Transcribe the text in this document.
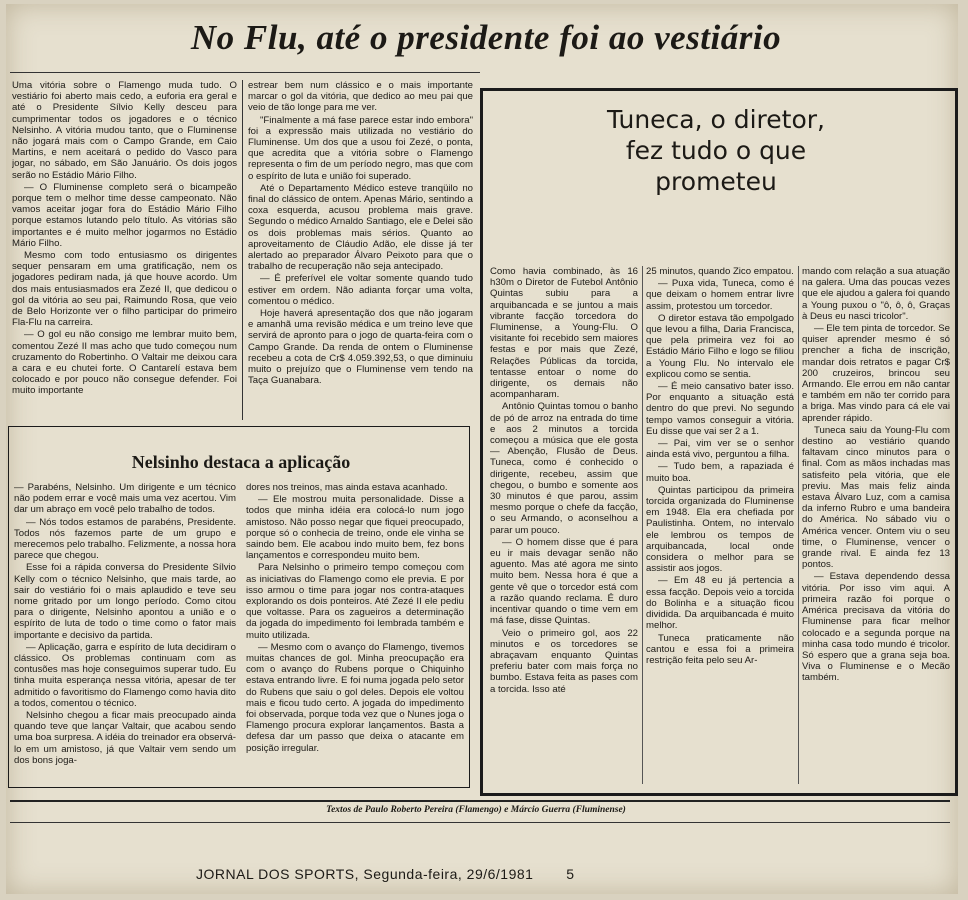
No Flu, até o presidente foi ao vestiário

Uma vitória sobre o Flamengo muda tudo. O vestiário foi aberto mais cedo, a euforia era geral e até o Presidente Sílvio Kelly desceu para cumprimentar todos os jogadores e o técnico Nelsinho. A vitória mudou tanto, que o Fluminense não jogará mais com o Campo Grande, em Caio Martins, e nem aceitará o pedido do Vasco para jogar, no sábado, em São Januário. Os dois jogos serão no Estádio Mário Filho.

— O Fluminense completo será o bicampeão porque tem o melhor time desse campeonato. Não vamos aceitar jogar fora do Estádio Mário Filho porque estamos lutando pelo título. As vitórias são importantes e é muito melhor jogarmos no Estádio Mário Filho.

Mesmo com todo entusiasmo os dirigentes sequer pensaram em uma gratificação, nem os jogadores pediram nada, já que houve acordo. Um dos mais entusiasmados era Zezé II, que dedicou o gol da vitória ao seu pai, Raimundo Rosa, que veio de Belo Horizonte ver o filho participar do primeiro Fla-Flu na carreira.

— O gol eu não consigo me lembrar muito bem, comentou Zezé II mas acho que tudo começou num cruzamento do Robertinho. O Valtair me deixou cara a cara e eu chutei forte. O Cantarelí estava bem colocado e por pouco não consegue defender. Foi muito importante

estrear bem num clássico e o mais importante marcar o gol da vitória, que dedico ao meu pai que veio de tão longe para me ver.

"Finalmente a má fase parece estar indo embora" foi a expressão mais utilizada no vestiário do Fluminense. Um dos que a usou foi Zezé, o ponta, que acredita que a vitória sobre o Flamengo representa o fim de um período negro, mas que com o espírito de luta e união foi superado.

Até o Departamento Médico esteve tranqüilo no final do clássico de ontem. Apenas Mário, sentindo a coxa esquerda, acusou problema mais grave. Segundo o médico Arnaldo Santiago, ele e Delei são os dois problemas mais sérios. Quanto ao aproveitamento de Cláudio Adão, ele disse já ter alertado ao preparador Álvaro Peixoto para que o trabalho de recuperação não seja antecipado.

— É preferível ele voltar somente quando tudo estiver em ordem. Não adianta forçar uma volta, comentou o médico.

Hoje haverá apresentação dos que não jogaram e amanhã uma revisão médica e um treino leve que servirá de apronto para o jogo de quarta-feira com o Campo Grande. Da renda de ontem o Fluminense recebeu a cota de Cr$ 4.059.392,53, o que diminuiu muito o prejuízo que o Fluminense vem tendo na Taça Guanabara.

Nelsinho destaca a aplicação

— Parabéns, Nelsinho. Um dirigente e um técnico não podem errar e você mais uma vez acertou. Vim dar um abraço em você pelo trabalho de todos.

— Nós todos estamos de parabéns, Presidente. Todos nós fazemos parte de um grupo e merecemos pelo trabalho. Felizmente, a nossa hora parece que chegou.

Esse foi a rápida conversa do Presidente Sílvio Kelly com o técnico Nelsinho, que mais tarde, ao sair do vestiário foi o mais aplaudido e teve seu nome gritado por um longo período. Como citou para o dirigente, Nelsinho apontou a união e o espírito de luta de todo o time como o fator mais importante e decisivo da partida.

— Aplicação, garra e espírito de luta decidiram o clássico. Os problemas continuam com as contusões mas hoje conseguimos superar tudo. Eu tinha muita esperança nessa vitória, apesar de ter admitido o favoritismo do Flamengo como havia dito a todos, comentou o técnico.

Nelsinho chegou a ficar mais preocupado ainda quando teve que lançar Valtair, que acabou sendo uma boa surpresa. A idéia do treinador era observá-lo em um amistoso, já que Valtair vem sendo um dos bons joga-

dores nos treinos, mas ainda estava acanhado.

— Ele mostrou muita personalidade. Disse a todos que minha idéia era colocá-lo num jogo amistoso. Não posso negar que fiquei preocupado, porque só o conhecia de treino, onde ele vinha se saindo bem. Ele acabou indo muito bem, fez bons lançamentos e correspondeu muito bem.

Para Nelsinho o primeiro tempo começou com as iniciativas do Flamengo como ele previa. E por isso armou o time para jogar nos contra-ataques explorando os dois ponteiros. Até Zezé II ele pediu que voltasse. Para os zagueiros a determinação da jogada do impedimento foi lembrada também e muito utilizada.

— Mesmo com o avanço do Flamengo, tivemos muitas chances de gol. Minha preocupação era com o avanço do Rubens porque o Chiquinho estava entrando livre. E foi numa jogada pelo setor do Rubens que saiu o gol deles. Depois ele voltou mais e ficou tudo certo. A jogada do impedimento foi observada, porque toda vez que o Nunes joga o Flamengo procura explorar lançamentos. Basta a defesa dar um passo que deixa o atacante em posição irregular.

Tuneca, o diretor, fez tudo o que prometeu

Como havia combinado, às 16 h30m o Diretor de Futebol Antônio Quintas subiu para a arquibancada e se juntou a mais vibrante facção torcedora do Fluminense, a Young-Flu. O visitante foi recebido sem maiores festas e por mais que Zezé, Relações Públicas da torcida, tentasse entoar o nome do dirigente, os demais não acompanharam.

Antônio Quintas tomou o banho de pó de arroz na entrada do time e aos 2 minutos a torcida começou a música que ele gosta — Abenção, Flusão de Deus. Tuneca, como é conhecido o dirigente, recebeu, assim que chegou, o bumbo e somente aos 30 minutos é que parou, assim mesmo porque o chefe da facção, o seu Armando, o aconselhou a parar um pouco.

— O homem disse que é para eu ir mais devagar senão não aguento. Mas até agora me sinto muito bem. Nessa hora é que a gente vê que o torcedor está com a razão quando reclama. É duro incentivar quando o time vem em má fase, disse Quintas.

Veio o primeiro gol, aos 22 minutos e os torcedores se abraçavam enquanto Quintas preferiu bater com mais força no bumbo. Estava feita as pases com a torcida. Isso até

25 minutos, quando Zico empatou.

— Puxa vida, Tuneca, como é que deixam o homem entrar livre assim, protestou um torcedor.

O diretor estava tão empolgado que levou a filha, Daria Francisca, que pela primeira vez foi ao Estádio Mário Filho e logo se filiou a Young Flu. No intervalo ele explicou como se sentia.

— É meio cansativo bater isso. Por enquanto a situação está dentro do que previ. No segundo tempo vamos conseguir a vitória. Eu disse que vai ser 2 a 1.

— Pai, vim ver se o senhor ainda está vivo, perguntou a filha.

— Tudo bem, a rapaziada é muito boa.

Quintas participou da primeira torcida organizada do Fluminense em 1948. Ela era chefiada por Paulistinha. Ontem, no intervalo ele lembrou os tempos de arquibancada, local onde considera o melhor para se assistir aos jogos.

— Em 48 eu já pertencia a essa facção. Depois veio a torcida do Bolinha e a situação ficou dividida. Da arquibancada é muito melhor.

Tuneca praticamente não cantou e essa foi a primeira restrição feita pelo seu Ar-

mando com relação a sua atuação na galera. Uma das poucas vezes que ele ajudou a galera foi quando a Young puxou o "ô, ô, ô, Graças à Deus eu nasci tricolor".

— Ele tem pinta de torcedor. Se quiser aprender mesmo é só prencher a ficha de inscrição, mandar dois retratos e pagar Cr$ 200 cruzeiros, brincou seu Armando. Ele errou em não cantar e também em não ter corrido para a briga. Mas vindo para cá ele vai aprender rápido.

Tuneca saiu da Young-Flu com destino ao vestiário quando faltavam cinco minutos para o final. Com as mãos inchadas mas satisfeito pela vitória, que ele previu. Mas mais feliz ainda estava Álvaro Luz, com a camisa da inferno Rubro e uma bandeira do América. No sábado viu o América vencer. Ontem viu o seu time, o Fluminense, vencer o grande rival. E ainda fez 13 pontos.

— Estava dependendo dessa vitória. Por isso vim aqui. A primeira razão foi porque o América precisava da vitória do Fluminense para ficar melhor colocado e a segunda porque na minha casa todo mundo é tricolor. Só espero que a grana seja boa. Viva o Fluminense e o Mecão também.

Textos de Paulo Roberto Pereira (Flamengo) e Márcio Guerra (Fluminense)
JORNAL DOS SPORTS, Segunda-feira, 29/6/1981 5
